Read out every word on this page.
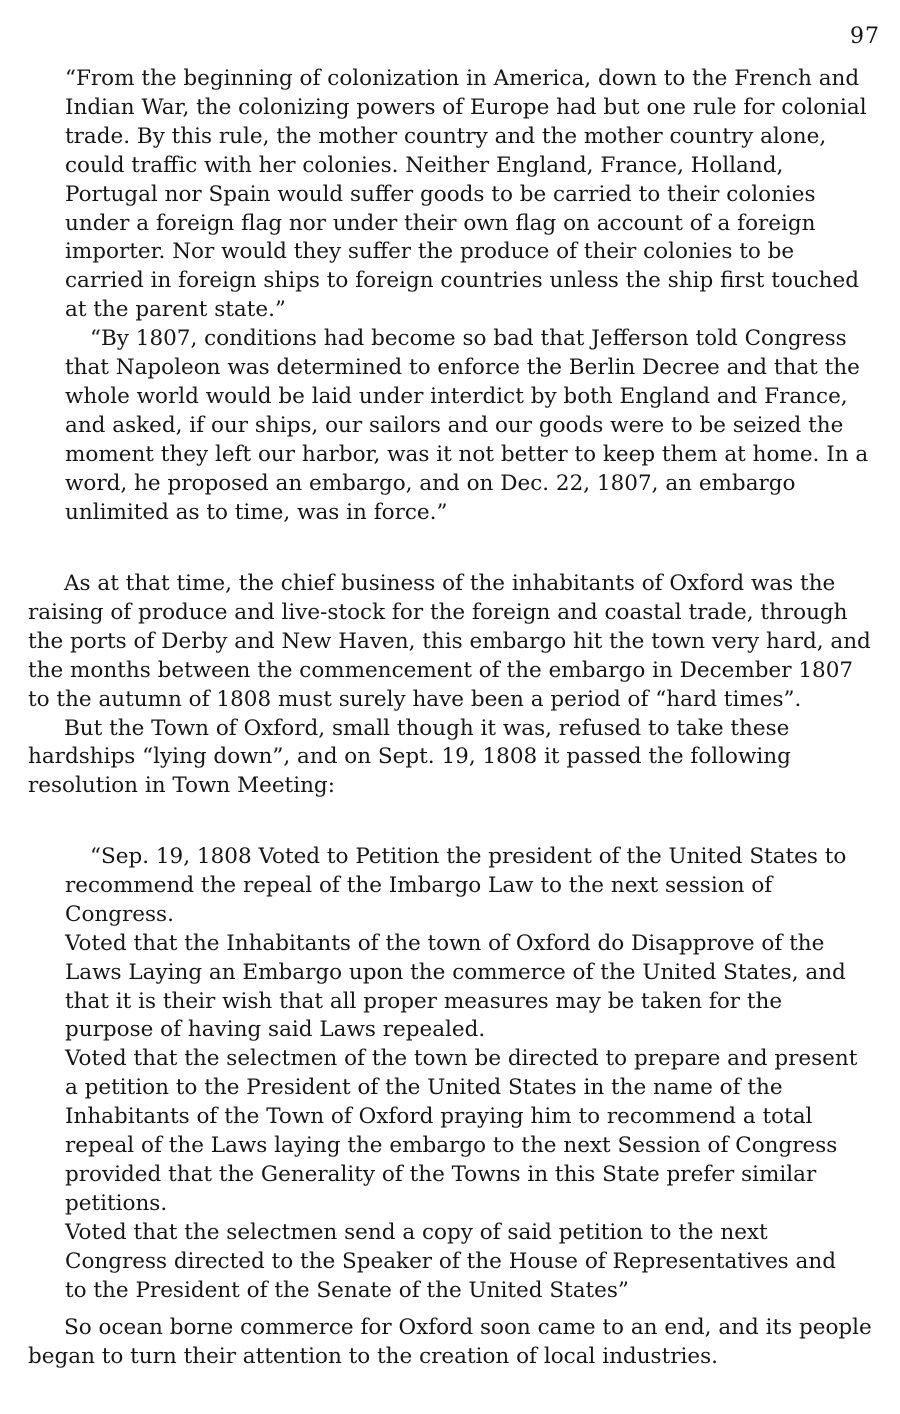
97

“From the beginning of colonization in America, down to the French and Indian War, the colonizing powers of Europe had but one rule for colonial trade. By this rule, the mother country and the mother country alone, could traffic with her colonies. Neither England, France, Holland, Portugal nor Spain would suffer goods to be carried to their colonies under a foreign flag nor under their own flag on account of a foreign importer. Nor would they suffer the produce of their colonies to be carried in foreign ships to foreign countries unless the ship first touched at the parent state.”

“By 1807, conditions had become so bad that Jefferson told Congress that Napoleon was determined to enforce the Berlin Decree and that the whole world would be laid under interdict by both England and France, and asked, if our ships, our sailors and our goods were to be seized the moment they left our harbor, was it not better to keep them at home. In a word, he proposed an embargo, and on Dec. 22, 1807, an embargo unlimited as to time, was in force.”

As at that time, the chief business of the inhabitants of Oxford was the raising of produce and live-stock for the foreign and coastal trade, through the ports of Derby and New Haven, this embargo hit the town very hard, and the months between the commencement of the embargo in December 1807 to the autumn of 1808 must surely have been a period of “hard times”.

But the Town of Oxford, small though it was, refused to take these hardships “lying down”, and on Sept. 19, 1808 it passed the following resolution in Town Meeting:

“Sep. 19, 1808 Voted to Petition the president of the United States to recommend the repeal of the Imbargo Law to the next session of Congress.

Voted that the Inhabitants of the town of Oxford do Disapprove of the Laws Laying an Embargo upon the commerce of the United States, and that it is their wish that all proper measures may be taken for the purpose of having said Laws repealed.

Voted that the selectmen of the town be directed to prepare and present a petition to the President of the United States in the name of the Inhabitants of the Town of Oxford praying him to recommend a total repeal of the Laws laying the embargo to the next Session of Congress provided that the Generality of the Towns in this State prefer similar petitions.

Voted that the selectmen send a copy of said petition to the next Congress directed to the Speaker of the House of Representatives and to the President of the Senate of the United States”

So ocean borne commerce for Oxford soon came to an end, and its people began to turn their attention to the creation of local industries.
